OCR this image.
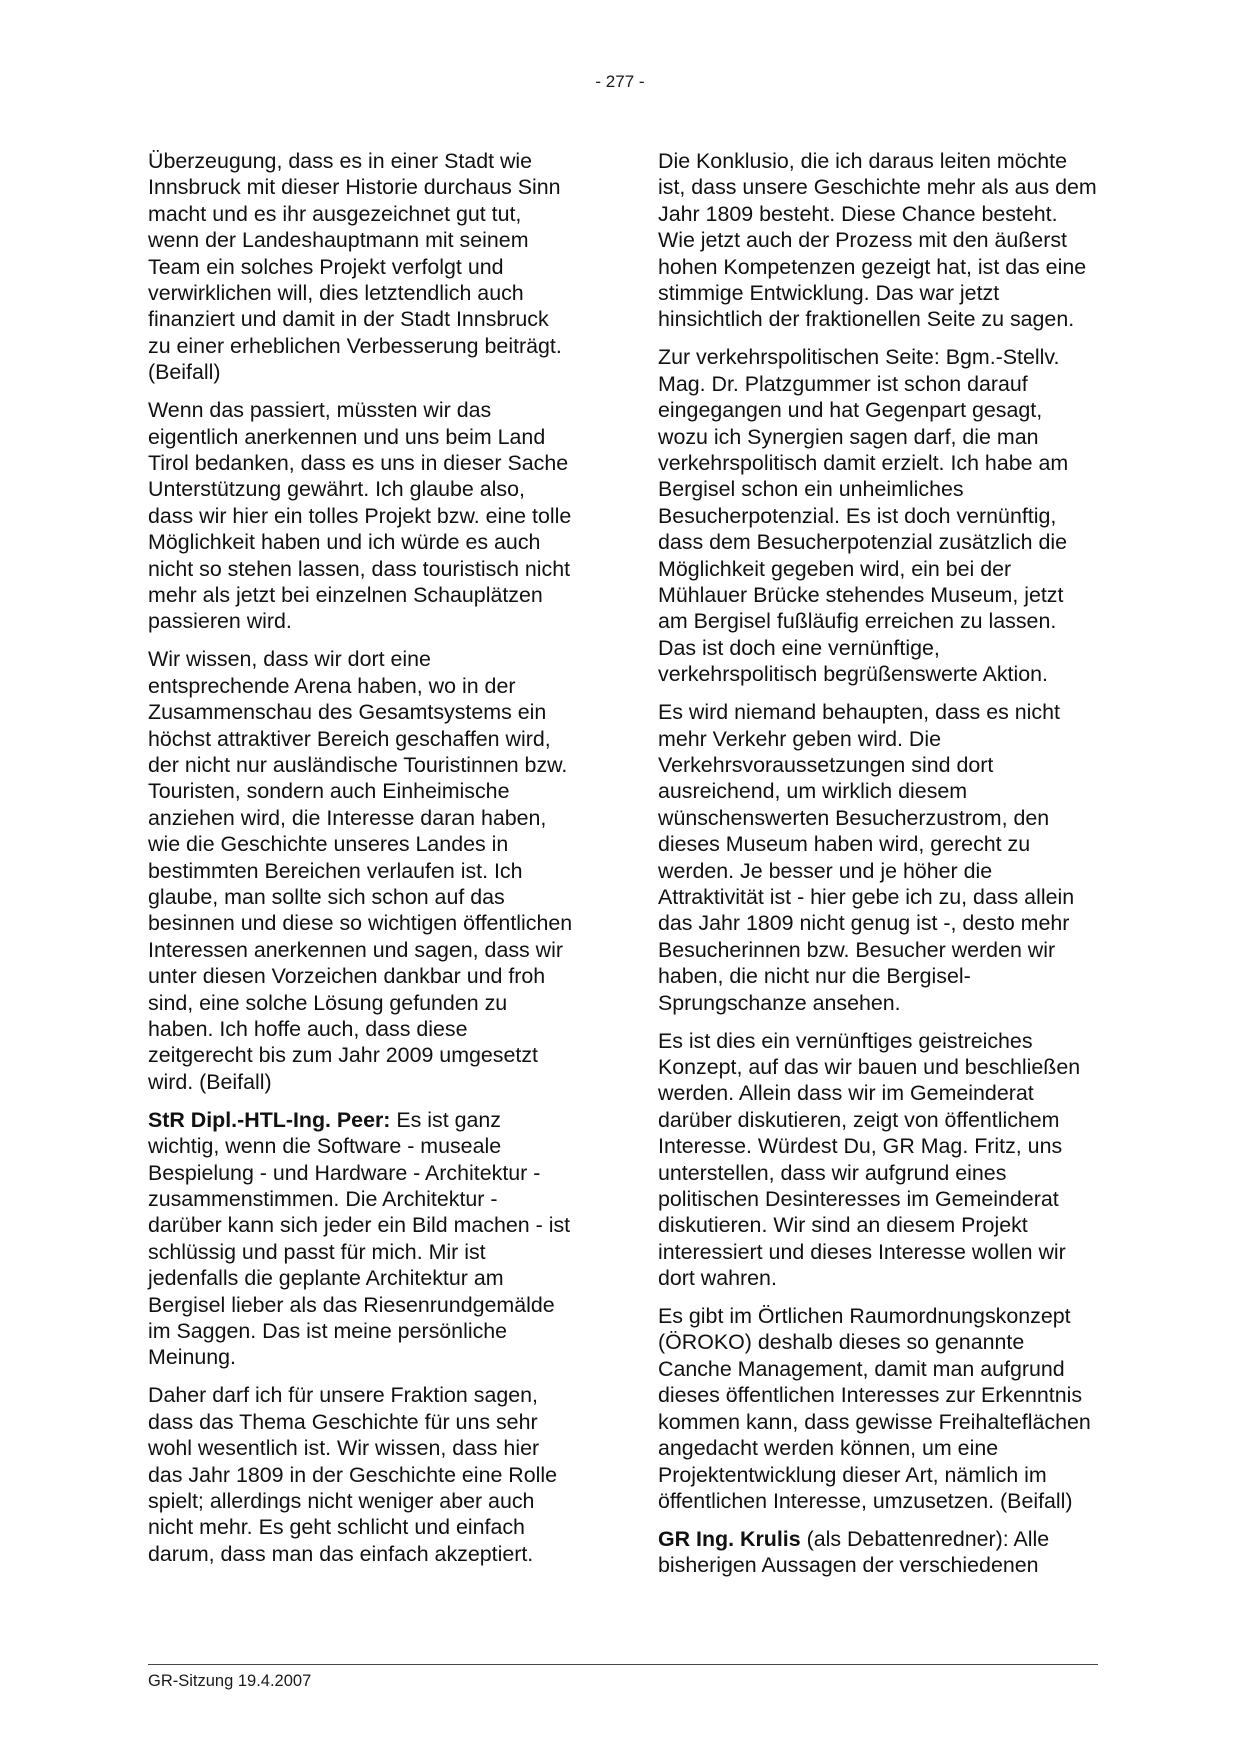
- 277 -

Überzeugung, dass es in einer Stadt wie Innsbruck mit dieser Historie durchaus Sinn macht und es ihr ausgezeichnet gut tut, wenn der Landeshauptmann mit seinem Team ein solches Projekt verfolgt und verwirklichen will, dies letztendlich auch finanziert und damit in der Stadt Innsbruck zu einer erheblichen Verbesserung beiträgt. (Beifall)

Wenn das passiert, müssten wir das eigentlich anerkennen und uns beim Land Tirol bedanken, dass es uns in dieser Sache Unterstützung gewährt. Ich glaube also, dass wir hier ein tolles Projekt bzw. eine tolle Möglichkeit haben und ich würde es auch nicht so stehen lassen, dass touristisch nicht mehr als jetzt bei einzelnen Schauplätzen passieren wird.

Wir wissen, dass wir dort eine entsprechende Arena haben, wo in der Zusammenschau des Gesamtsystems ein höchst attraktiver Bereich geschaffen wird, der nicht nur ausländische Touristinnen bzw. Touristen, sondern auch Einheimische anziehen wird, die Interesse daran haben, wie die Geschichte unseres Landes in bestimmten Bereichen verlaufen ist. Ich glaube, man sollte sich schon auf das besinnen und diese so wichtigen öffentlichen Interessen anerkennen und sagen, dass wir unter diesen Vorzeichen dankbar und froh sind, eine solche Lösung gefunden zu haben. Ich hoffe auch, dass diese zeitgerecht bis zum Jahr 2009 umgesetzt wird. (Beifall)

StR Dipl.-HTL-Ing. Peer: Es ist ganz wichtig, wenn die Software - museale Bespielung - und Hardware - Architektur - zusammenstimmen. Die Architektur - darüber kann sich jeder ein Bild machen - ist schlüssig und passt für mich. Mir ist jedenfalls die geplante Architektur am Bergisel lieber als das Riesenrundgemälde im Saggen. Das ist meine persönliche Meinung.

Daher darf ich für unsere Fraktion sagen, dass das Thema Geschichte für uns sehr wohl wesentlich ist. Wir wissen, dass hier das Jahr 1809 in der Geschichte eine Rolle spielt; allerdings nicht weniger aber auch nicht mehr. Es geht schlicht und einfach darum, dass man das einfach akzeptiert.

Die Konklusio, die ich daraus leiten möchte ist, dass unsere Geschichte mehr als aus dem Jahr 1809 besteht. Diese Chance besteht. Wie jetzt auch der Prozess mit den äußerst hohen Kompetenzen gezeigt hat, ist das eine stimmige Entwicklung. Das war jetzt hinsichtlich der fraktionellen Seite zu sagen.

Zur verkehrspolitischen Seite: Bgm.-Stellv. Mag. Dr. Platzgummer ist schon darauf eingegangen und hat Gegenpart gesagt, wozu ich Synergien sagen darf, die man verkehrspolitisch damit erzielt. Ich habe am Bergisel schon ein unheimliches Besucherpotenzial. Es ist doch vernünftig, dass dem Besucherpotenzial zusätzlich die Möglichkeit gegeben wird, ein bei der Mühlauer Brücke stehendes Museum, jetzt am Bergisel fußläufig erreichen zu lassen. Das ist doch eine vernünftige, verkehrspolitisch begrüßenswerte Aktion.

Es wird niemand behaupten, dass es nicht mehr Verkehr geben wird. Die Verkehrsvoraussetzungen sind dort ausreichend, um wirklich diesem wünschenswerten Besucherzustrom, den dieses Museum haben wird, gerecht zu werden. Je besser und je höher die Attraktivität ist - hier gebe ich zu, dass allein das Jahr 1809 nicht genug ist -, desto mehr Besucherinnen bzw. Besucher werden wir haben, die nicht nur die Bergisel-Sprungschanze ansehen.

Es ist dies ein vernünftiges geistreiches Konzept, auf das wir bauen und beschließen werden. Allein dass wir im Gemeinderat darüber diskutieren, zeigt von öffentlichem Interesse. Würdest Du, GR Mag. Fritz, uns unterstellen, dass wir aufgrund eines politischen Desinteresses im Gemeinderat diskutieren. Wir sind an diesem Projekt interessiert und dieses Interesse wollen wir dort wahren.

Es gibt im Örtlichen Raumordnungskonzept (ÖROKO) deshalb dieses so genannte Canche Management, damit man aufgrund dieses öffentlichen Interesses zur Erkenntnis kommen kann, dass gewisse Freihalteflächen angedacht werden können, um eine Projektentwicklung dieser Art, nämlich im öffentlichen Interesse, umzusetzen. (Beifall)

GR Ing. Krulis (als Debattenredner): Alle bisherigen Aussagen der verschiedenen

GR-Sitzung 19.4.2007
